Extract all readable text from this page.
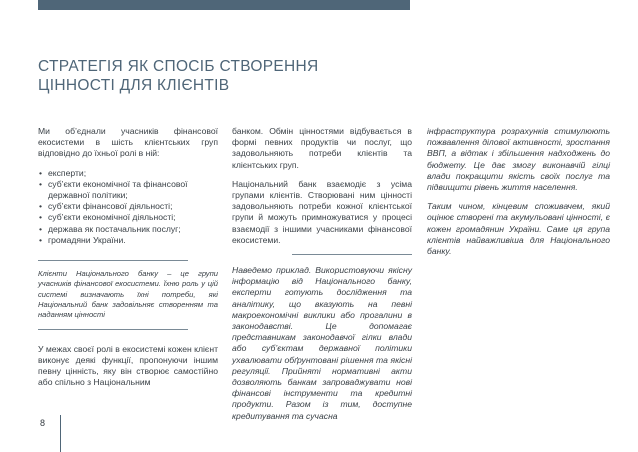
СТРАТЕГІЯ ЯК СПОСІБ СТВОРЕННЯ
ЦІННОСТІ ДЛЯ КЛІЄНТІВ

Ми об’єднали учасників фінансової екосистеми в шість клієнтських груп відповідно до їхньої ролі в ній:

• експерти;
• суб’єкти економічної та фінансової державної політики;
• суб’єкти фінансової діяльності;
• суб’єкти економічної діяльності;
• держава як постачальник послуг;
• громадяни України.

Клієнти Національного банку – це групи учасників фінансової екосистеми. Їхню роль у цій системі визначають їхні потреби, які Національний банк задовільняє створенням та наданням цінності

У межах своєї ролі в екосистемі кожен клієнт виконує деякі функції, пропонуючи іншим певну цінність, яку він створює самостійно або спільно з Національним

банком. Обмін цінностями відбувається в формі певних продуктів чи послуг, що задовольняють потреби клієнтів та клієнтських груп.

Національний банк взаємодіє з усіма групами клієнтів. Створювані ним цінності задовольняють потреби кожної клієнтської групи й можуть примножуватися у процесі взаємодії з іншими учасниками фінансової екосистеми.

Наведемо приклад. Використовуючи якісну інформацію від Національного банку, експерти готують дослідження та аналітику, що вказують на певні макроекономічні виклики або прогалини в законодавстві. Це допомагає представникам законодавчої гілки влади або суб’єктам державної політики ухвалювати обґрунтовані рішення та якісні регуляції. Прийняті нормативні акти дозволяють банкам запроваджувати нові фінансові інструменти та кредитні продукти. Разом із тим, доступне кредитування та сучасна

інфраструктура розрахунків стимулюють пожвавлення ділової активності, зростання ВВП, а відтак і збільшення надходжень до бюджету. Це дає змогу виконавчій гілці влади покращити якість своїх послуг та підвищити рівень життя населення.

Таким чином, кінцевим споживачем, який оцінює створені та акумульовані цінності, є кожен громадянин України. Саме ця група клієнтів найважливіша для Національного банку.

8
